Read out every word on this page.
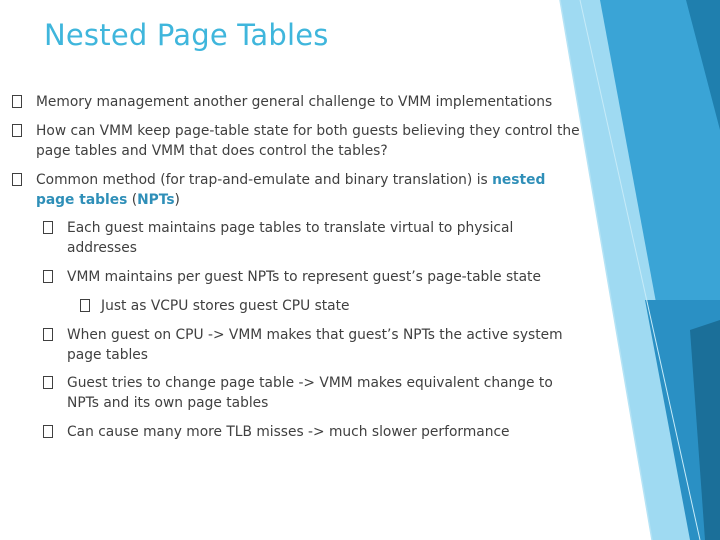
Nested Page Tables
Memory management another general challenge to VMM implementations
How can VMM keep page-table state for both guests believing they control the page tables and VMM that does control the tables?
Common method (for trap-and-emulate and binary translation) is nested page tables (NPTs)
Each guest maintains page tables to translate virtual to physical addresses
VMM maintains per guest NPTs to represent guest’s page-table state
Just as VCPU stores guest CPU state
When guest on CPU -> VMM makes that guest’s NPTs the active system page tables
Guest tries to change page table -> VMM makes equivalent change to NPTs and its own page tables
Can cause many more TLB misses -> much slower performance
